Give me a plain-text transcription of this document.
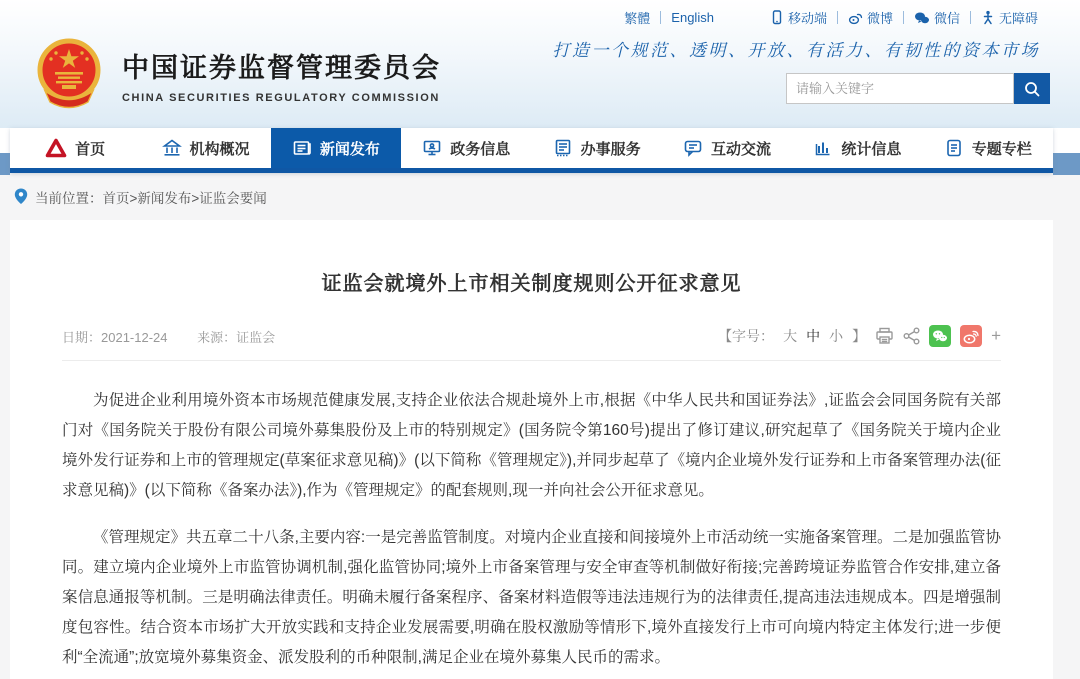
繁體 English	移动端	微博	微信	无障碍
中国证券监督管理委员会
CHINA SECURITIES REGULATORY COMMISSION
打造一个规范、透明、开放、有活力、有韧性的资本市场
请输入关键字
首页	机构概况	新闻发布	政务信息	办事服务	互动交流	统计信息	专题专栏
当前位置： 首页>新闻发布>证监会要闻
证监会就境外上市相关制度规则公开征求意见
日期：2021-12-24 来源：证监会	【字号： 大 中 小 】	+

为促进企业利用境外资本市场规范健康发展,支持企业依法合规赴境外上市,根据《中华人民共和国证券法》,证监会会同国务院有关部门对《国务院关于股份有限公司境外募集股份及上市的特别规定》(国务院令第160号)提出了修订建议,研究起草了《国务院关于境内企业境外发行证券和上市的管理规定(草案征求意见稿)》(以下简称《管理规定》),并同步起草了《境内企业境外发行证券和上市备案管理办法(征求意见稿)》(以下简称《备案办法》),作为《管理规定》的配套规则,现一并向社会公开征求意见。

《管理规定》共五章二十八条,主要内容:一是完善监管制度。对境内企业直接和间接境外上市活动统一实施备案管理。二是加强监管协同。建立境内企业境外上市监管协调机制,强化监管协同;境外上市备案管理与安全审查等机制做好衔接;完善跨境证券监管合作安排,建立备案信息通报等机制。三是明确法律责任。明确未履行备案程序、备案材料造假等违法违规行为的法律责任,提高违法违规成本。四是增强制度包容性。结合资本市场扩大开放实践和支持企业发展需要,明确在股权激励等情形下,境外直接发行上市可向境内特定主体发行;进一步便利“全流通”;放宽境外募集资金、派发股利的币种限制,满足企业在境外募集人民币的需求。
